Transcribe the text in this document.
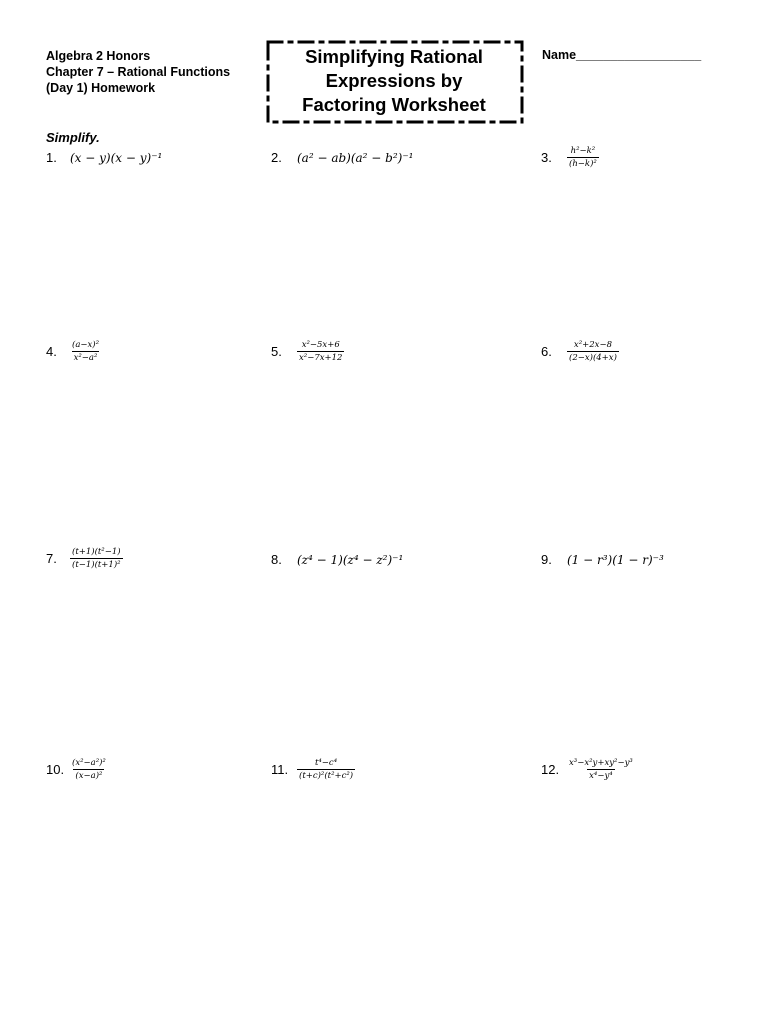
Algebra 2 Honors
Chapter 7 – Rational Functions
(Day 1) Homework
Simplifying Rational
Expressions by
Factoring Worksheet
Name__________________
Simplify.
1.	(x − y)(x − y)⁻¹	2.	(a² − ab)(a² − b²)⁻¹	3.	$\frac{\text{h²−k²}}{\text{(h−k)²}}$
4.	$\frac{\text{(a−x)²}}{\text{x²−a²}}$	5.	$\frac{\text{x²−5x+6}}{\text{x²−7x+12}}$	6.	$\frac{\text{x²+2x−8}}{(2-x)(4+x)}$
7.	$\frac{\text{(t+1)(t²−1)}}{\text{(t−1)(t+1)²}}$	8.	(z⁴ − 1)(z⁴ − z²)⁻¹	9.	(1 − r³)(1 − r)⁻³
10. $\frac{\text{(x²−a²)²}}{\text{(x−a)²}}$	11.	$\frac{\text{t⁴−c⁴}}{\text{(t+c)²(t²+c²)}}$	12. $\frac{\text{x³−x²y+xy²−y³}}{\text{x⁴−y⁴}}$
